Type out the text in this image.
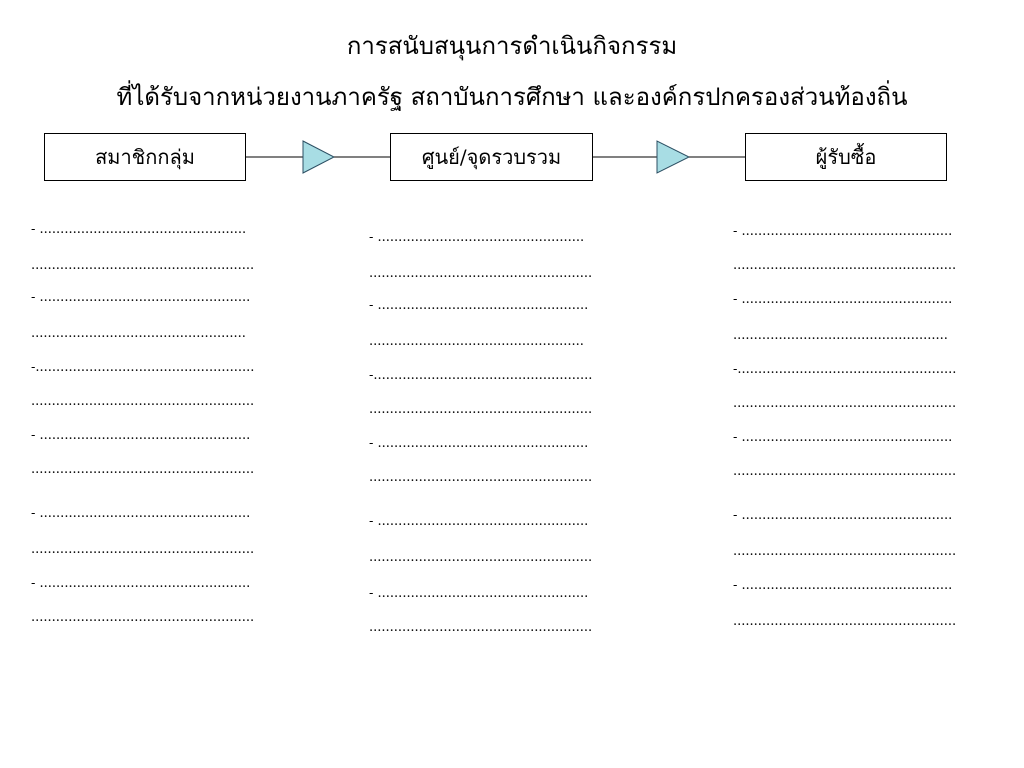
การสนับสนุนการดำเนินกิจกรรม
ที่ได้รับจากหน่วยงานภาครัฐ สถาบันการศึกษา และองค์กรปกครองส่วนท้องถิ่น
สมาชิกกลุ่ม	ศูนย์/จุดรวบรวม	ผู้รับซื้อ
- ..................................................
......................................................
- ...................................................
....................................................
-.....................................................
......................................................
- ...................................................
......................................................
- ...................................................
......................................................
- ...................................................
......................................................
- ..................................................
......................................................
- ...................................................
....................................................
-.....................................................
......................................................
- ...................................................
......................................................
- ...................................................
......................................................
- ...................................................
......................................................
- ...................................................
......................................................
- ...................................................
....................................................
-.....................................................
......................................................
- ...................................................
......................................................
- ...................................................
......................................................
- ...................................................
......................................................
